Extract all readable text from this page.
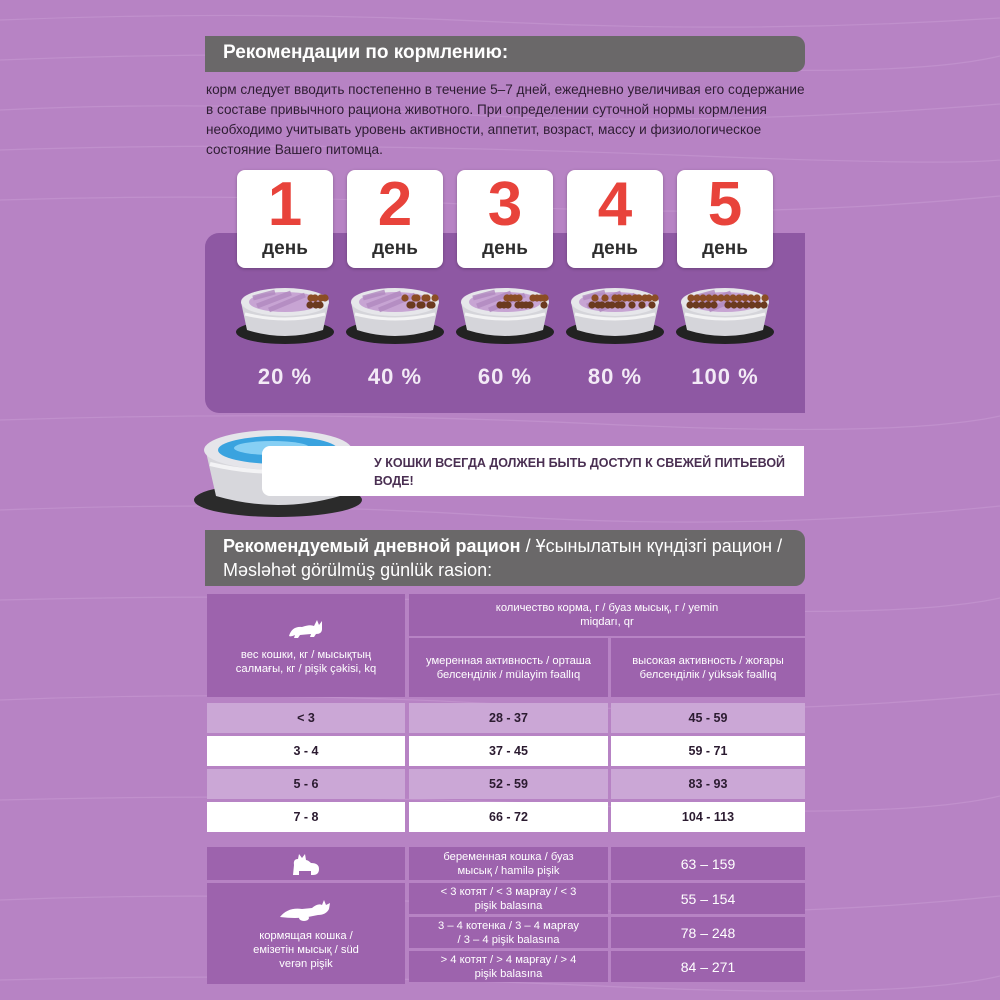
Рекомендации по кормлению:
корм следует вводить постепенно в течение 5–7 дней, ежедневно увеличивая его содержание в составе привычного рациона животного. При определении суточной нормы кормления необходимо учитывать уровень активности, аппетит, возраст, массу и физиологическое состояние Вашего питомца.
1
день
20 %
2
день
40 %
3
день
60 %
4
день
80 %
5
день
100 %
У КОШКИ ВСЕГДА ДОЛЖЕН БЫТЬ ДОСТУП К СВЕЖЕЙ ПИТЬЕВОЙ ВОДЕ!
Рекомендуемый дневной рацион / Ұсынылатын күндізгі рацион /
Məsləhət görülmüş günlük rasion:
вес кошки, кг / мысықтың салмағы, кг / pişik çəkisi, kq
количество корма, г / буаз мысық, г / yemin miqdarı, qr
умеренная активность / орташа белсенділік / mülayim fəallıq
высокая активность / жоғары белсенділік / yüksək fəallıq
< 3	28 - 37	45 - 59
3 - 4	37 - 45	59 - 71
5 - 6	52 - 59	83 - 93
7 - 8	66 - 72	104 - 113
беременная кошка / буаз мысық / hamilə pişik	63 – 159
кормящая кошка / емізетін мысық / süd verən pişik
< 3 котят / < 3 марғау / < 3 pişik balasına	55 – 154
3 – 4 котенка / 3 – 4 марғау / 3 – 4 pişik balasına	78 – 248
> 4 котят / > 4 марғау / > 4 pişik balasına	84 – 271
